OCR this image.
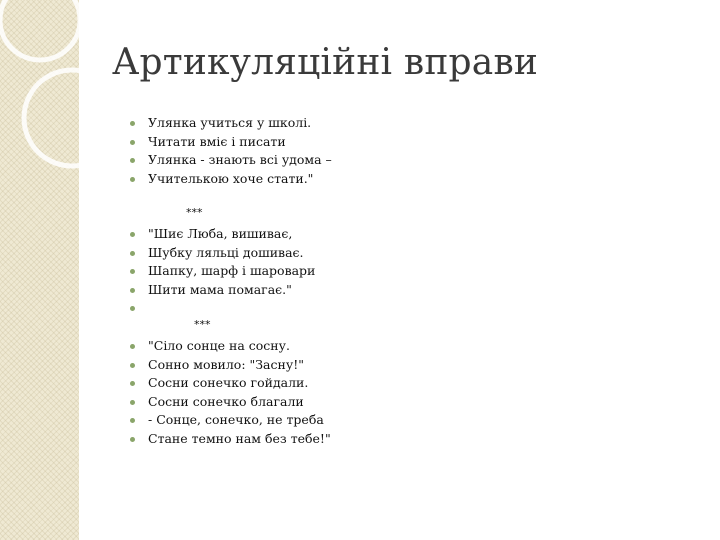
Артикуляційні вправи
Улянка учиться у школі.
Читати вміє і писати
Улянка - знають всі удома –
Учителькою хоче стати."
***
"Шиє Люба, вишиває,
Шубку ляльці дошиває.
Шапку, шарф і шаровари
Шити мама помагає."
***
"Сіло сонце на сосну.
Сонно мовило: "Засну!"
Сосни сонечко гойдали.
Сосни сонечко благали
- Сонце, сонечко, не треба
Стане темно нам без тебе!"
